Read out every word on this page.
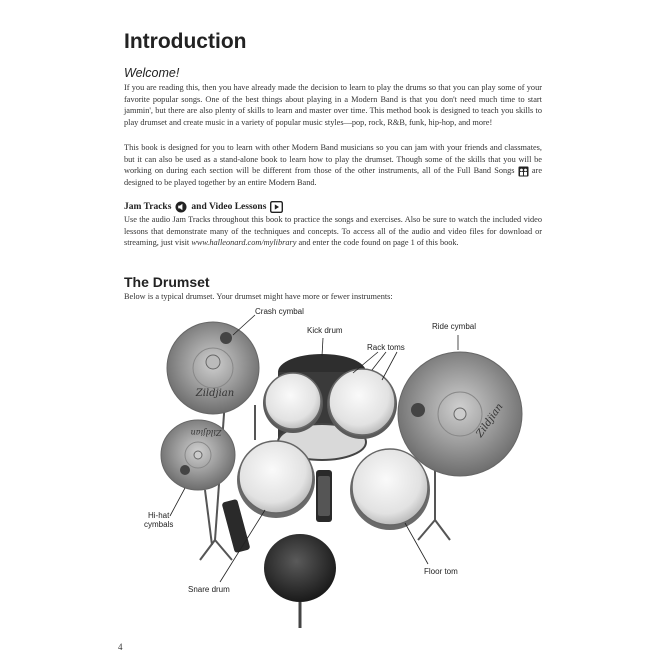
Introduction

Welcome!

If you are reading this, then you have already made the decision to learn to play the drums so that you can play some of your favorite popular songs. One of the best things about playing in a Modern Band is that you don't need much time to start jammin', but there are also plenty of skills to learn and master over time. This method book is designed to teach you skills to play drumset and create music in a variety of popular music styles—pop, rock, R&B, funk, hip-hop, and more!

This book is designed for you to learn with other Modern Band musicians so you can jam with your friends and classmates, but it can also be used as a stand-alone book to learn how to play the drumset. Though some of the skills that you will be working on during each section will be different from those of the other instruments, all of the Full Band Songs are designed to be played together by an entire Modern Band.

Jam Tracks and Video Lessons

Use the audio Jam Tracks throughout this book to practice the songs and exercises. Also be sure to watch the included video lessons that demonstrate many of the techniques and concepts. To access all of the audio and video files for download or streaming, just visit www.halleonard.com/mylibrary and enter the code found on page 1 of this book.

The Drumset

Below is a typical drumset. Your drumset might have more or fewer instruments:

Zildjian
Zildjian	Zildjian

Crash cymbal

Kick drum

Rack toms

Ride cymbal

Hi-hat

cymbals

Snare drum

Floor tom

4
